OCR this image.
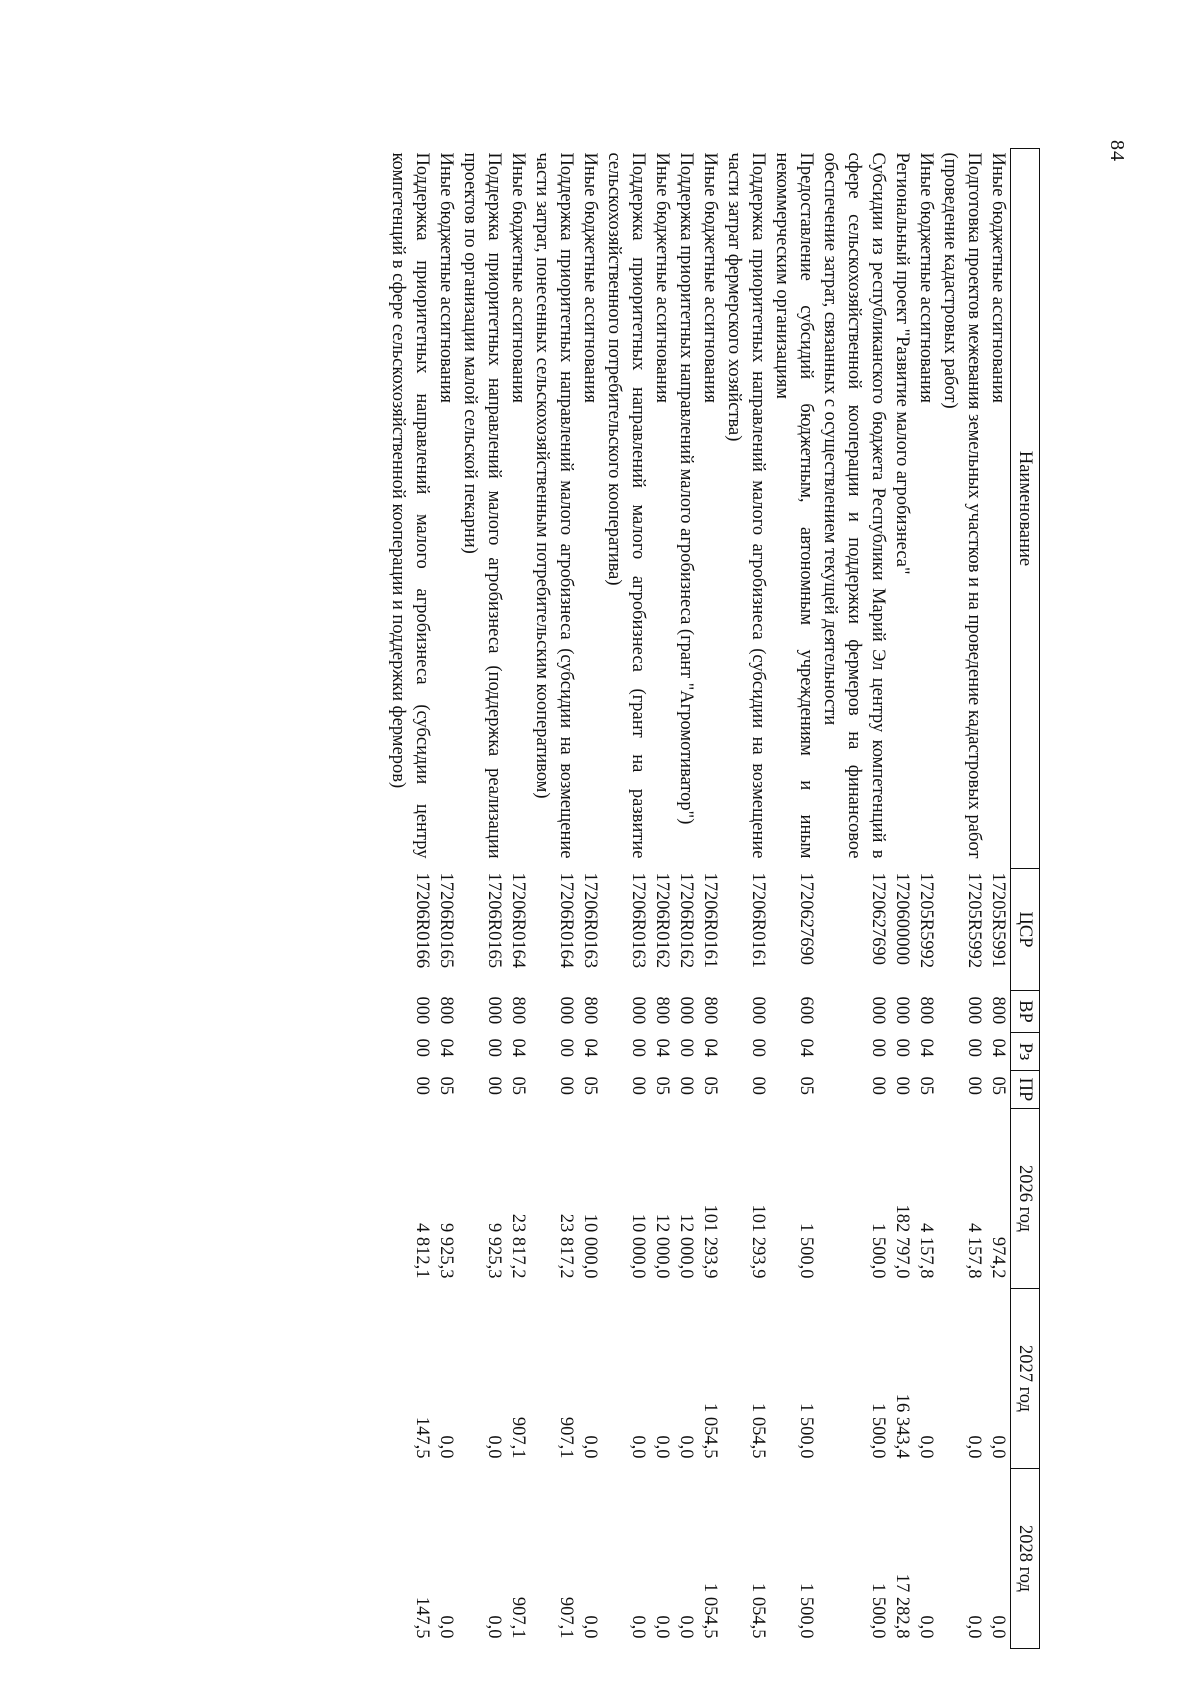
84
Наименование	ЦСР	ВР	Рз	ПР	2026 год	2027 год	2028 год
Иные бюджетные ассигнования	17205R5991	800	04	05	974,2	0,0	0,0
Подготовка проектов межевания земельных участков и на проведение кадастровых работ (проведение кадастровых работ)	17205R5992	000	00	00	4 157,8	0,0	0,0
Иные бюджетные ассигнования	17205R5992	800	04	05	4 157,8	0,0	0,0
Региональный проект "Развитие малого агробизнеса"	1720600000	000	00	00	182 797,0	16 343,4	17 282,8
Субсидии из республиканского бюджета Республики Марий Эл центру компетенций в сфере сельскохозяйственной кооперации и поддержки фермеров на финансовое обеспечение затрат, связанных с осуществлением текущей деятельности	1720627690	000	00	00	1 500,0	1 500,0	1 500,0
Предоставление субсидий бюджетным, автономным учреждениям и иным некоммерческим организациям	1720627690	600	04	05	1 500,0	1 500,0	1 500,0
Поддержка приоритетных направлений малого агробизнеса (субсидии на возмещение части затрат фермерского хозяйства)	17206R0161	000	00	00	101 293,9	1 054,5	1 054,5
Иные бюджетные ассигнования	17206R0161	800	04	05	101 293,9	1 054,5	1 054,5
Поддержка приоритетных направлений малого агробизнеса (грант "Агромотиватор")	17206R0162	000	00	00	12 000,0	0,0	0,0
Иные бюджетные ассигнования	17206R0162	800	04	05	12 000,0	0,0	0,0
Поддержка приоритетных направлений малого агробизнеса (грант на развитие сельскохозяйственного потребительского кооператива)	17206R0163	000	00	00	10 000,0	0,0	0,0
Иные бюджетные ассигнования	17206R0163	800	04	05	10 000,0	0,0	0,0
Поддержка приоритетных направлений малого агробизнеса (субсидии на возмещение части затрат, понесенных сельскохозяйственным потребительским кооперативом)	17206R0164	000	00	00	23 817,2	907,1	907,1
Иные бюджетные ассигнования	17206R0164	800	04	05	23 817,2	907,1	907,1
Поддержка приоритетных направлений малого агробизнеса (поддержка реализации проектов по организации малой сельской пекарни)	17206R0165	000	00	00	9 925,3	0,0	0,0
Иные бюджетные ассигнования	17206R0165	800	04	05	9 925,3	0,0	0,0
Поддержка приоритетных направлений малого агробизнеса (субсидии центру компетенций в сфере сельскохозяйственной кооперации и поддержки фермеров)	17206R0166	000	00	00	4 812,1	147,5	147,5
